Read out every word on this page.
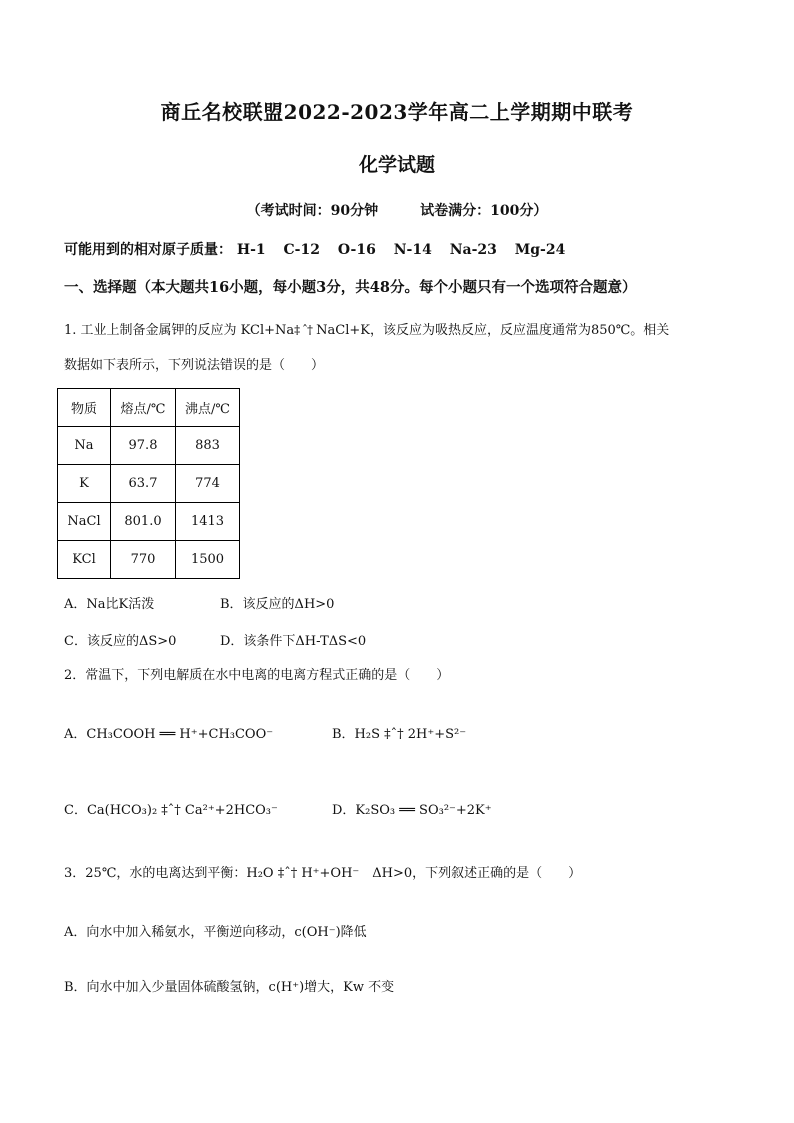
商丘名校联盟2022-2023学年高二上学期期中联考
化学试题
（考试时间：90分钟	试卷满分：100分）
可能用到的相对原子质量： H-1 C-12 O-16 N-14 Na-23 Mg-24
一、选择题（本大题共16小题，每小题3分，共48分。每个小题只有一个选项符合题意）
1. 工业上制备金属钾的反应为 KCl+Na‡ ˆ† NaCl+K，该反应为吸热反应，反应温度通常为850℃。相关
数据如下表所示，下列说法错误的是（　　）
物质	熔点/℃	沸点/℃
Na	97.8	883
K	63.7	774
NaCl	801.0	1413
KCl	770	1500
A．Na比K活泼	B．该反应的ΔH>0
C．该反应的ΔS>0	D．该条件下ΔH-TΔS<0
2．常温下，下列电解质在水中电离的电离方程式正确的是（　　）
A．CH₃COOH ══ H⁺+CH₃COO⁻	B．H₂S ‡ˆ† 2H⁺+S²⁻
C．Ca(HCO₃)₂ ‡ˆ† Ca²⁺+2HCO₃⁻	D．K₂SO₃ ══ SO₃²⁻+2K⁺
3．25℃，水的电离达到平衡：H₂O ‡ˆ† H⁺+OH⁻　ΔH>0，下列叙述正确的是（　　）
A．向水中加入稀氨水，平衡逆向移动，c(OH⁻)降低
B．向水中加入少量固体硫酸氢钠，c(H⁺)增大，Kw 不变
